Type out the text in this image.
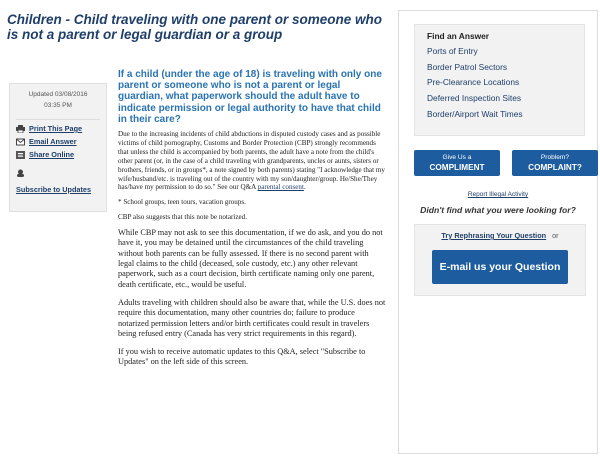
Children - Child traveling with one parent or someone who is not a parent or legal guardian or a group
Updated 03/08/2016
03:35 PM
Print This Page
Email Answer
Share Online
Subscribe to Updates
If a child (under the age of 18) is traveling with only one parent or someone who is not a parent or legal guardian, what paperwork should the adult have to indicate permission or legal authority to have that child in their care?

Due to the increasing incidents of child abductions in disputed custody cases and as possible victims of child pornography, Customs and Border Protection (CBP) strongly recommends that unless the child is accompanied by both parents, the adult have a note from the child's other parent (or, in the case of a child traveling with grandparents, uncles or aunts, sisters or brothers, friends, or in groups*, a note signed by both parents) stating "I acknowledge that my wife/husband/etc. is traveling out of the country with my son/daughter/group. He/She/They has/have my permission to do so." See our Q&A parental consent.

* School groups, teen tours, vacation groups.

CBP also suggests that this note be notarized.

While CBP may not ask to see this documentation, if we do ask, and you do not have it, you may be detained until the circumstances of the child traveling without both parents can be fully assessed. If there is no second parent with legal claims to the child (deceased, sole custody, etc.) any other relevant paperwork, such as a court decision, birth certificate naming only one parent, death certificate, etc., would be useful.

Adults traveling with children should also be aware that, while the U.S. does not require this documentation, many other countries do; failure to produce notarized permission letters and/or birth certificates could result in travelers being refused entry (Canada has very strict requirements in this regard).

If you wish to receive automatic updates to this Q&A, select "Subscribe to Updates" on the left side of this screen.

Find an Answer
Ports of Entry
Border Patrol Sectors
Pre-Clearance Locations
Deferred Inspection Sites
Border/Airport Wait Times
Give Us a
COMPLIMENT
Problem?
COMPLAINT?
Report Illegal Activity
Didn't find what you were looking for?
Try Rephrasing Your Question or
E-mail us your Question
